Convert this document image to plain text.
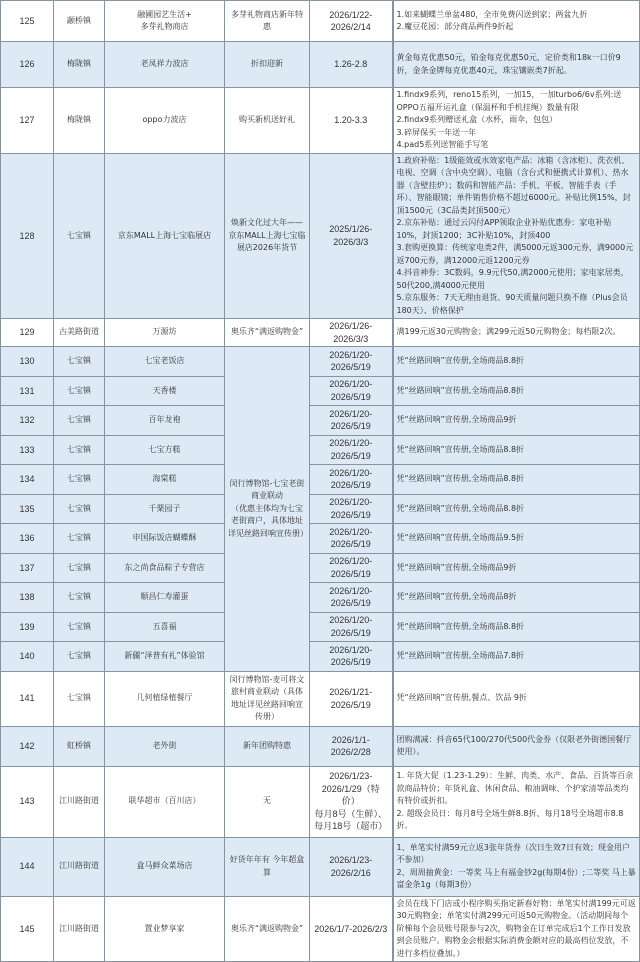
125	颛桥镇	融圃园艺生活+
多芽礼物商店	多芽礼物商店新年特惠	2026/1/22-2026/2/14	1.如来蝴蝶兰单盆480，全市免费闪送到家；两盆九折
2.魔豆花园：部分商品两件9折起
126	梅陇镇	老凤祥力波店	折扣迎新	1.26-2.8	黄金每克优惠50元，铂金每克优惠50元，定价类和18k一口价9折，金条金牌每克优惠40元，珠宝镶嵌类7折起。
127	梅陇镇	oppo力波店	购买新机送好礼	1.20-3.3	1.findx9系列，reno15系列，一加15，一加turbo6/6v系列:送OPPO五福开运礼盒（保温杯和手机挂绳）数量有限
2.findx9系列赠送礼盒（水杯，雨伞，包包）
3.碎屏保买一年送一年
4.pad5系列送智能手写笔
128	七宝镇	京东MALL上海七宝临展店	焕新文化过大年——京东MALL上海七宝临展店2026年货节	2025/1/26-2026/3/3	1.政府补贴：1级能效或水效家电产品：冰箱（含冰柜）、洗衣机、电视、空调（含中央空调）、电脑（含台式和便携式计算机）、热水器（含壁挂炉）；数码和智能产品：手机、平板、智能手表（手环）、智能眼镜；单件销售价格不超过6000元。补贴比例15%，封顶1500元（3C品类封顶500元）
2.京东补贴：通过云闪付APP领取企业补贴优惠券：家电补贴10%，封顶1200；3C补贴10%，封顶400
3.套购更换算：传统家电类2件，满5000元返300元券，满9000元返700元券，满12000元返1200元券
4.抖音神券：3C数码，9.9元代50,满2000元使用；家电家居类，50代200,满4000元使用
5.京东服务：7天无理由退货、90天质量问题只换不修（Plus会员180天）、价格保护
129	古美路街道	万源坊	奥乐齐“满返购物金”	2026/1/26-2026/3/3	满199元返30元购物金；满299元返50元购物金；每档限2次。
130	七宝镇	七宝老饭店	闵行博物馆-七宝老街商业联动
（优惠主体均为七宝老街商户，具体地址详见丝路回响宣传册）	2026/1/20-2026/5/19	凭“丝路回响”宣传册,全场商品8.8折
131	七宝镇	天香楼		2026/1/20-2026/5/19	凭“丝路回响”宣传册,全场商品8.8折
132	七宝镇	百年龙袍		2026/1/20-2026/5/19	凭“丝路回响”宣传册,全场商品9折
133	七宝镇	七宝方糕		2026/1/20-2026/5/19	凭“丝路回响”宣传册,全场商品8.8折
134	七宝镇	海棠糕		2026/1/20-2026/5/19	凭“丝路回响”宣传册,全场商品8.8折
135	七宝镇	千栗园子		2026/1/20-2026/5/19	凭“丝路回响”宣传册,全场商品8.8折
136	七宝镇	申国际饭店蝴蝶酥		2026/1/20-2026/5/19	凭“丝路回响”宣传册,全场商品9.5折
137	七宝镇	东之尚食品粽子专营店		2026/1/20-2026/5/19	凭“丝路回响”宣传册,全场商品9折
138	七宝镇	顺昌仁寿灌蛋		2026/1/20-2026/5/19	凭“丝路回响”宣传册,全场商品8折
139	七宝镇	五喜福		2026/1/20-2026/5/19	凭“丝路回响”宣传册,全场商品8.8折
140	七宝镇	新疆“泽普有礼”体验馆		2026/1/20-2026/5/19	凭“丝路回响”宣传册,全场商品7.8折
141	七宝镇	几何植绿植餐厅	闵行博物馆-麦可将文旅村商业联动（具体地址详见丝路回响宣传册）	2026/1/21-2026/5/19	凭“丝路回响”宣传册,餐点、饮品 9折
142	虹桥镇	老外街	新年团购特惠	2026/1/1-2026/2/28	团购满减：抖音65代100/270代500代金券（仅限老外街德国餐厅使用）。
143	江川路街道	联华超市（百川店）	无	2026/1/23-2026/1/29（特价）
每月8号（生鲜）、每月18号（超市）	1. 年货大促（1.23-1.29）：生鲜、肉类、水产、食品、百货等百余款商品特价；年货礼盒、休闲食品、粮油调味、个护家清等品类均有特价或折扣。
2. 超级会员日：每月8号全场生鲜8.8折、每月18号全场超市8.8折。
144	江川路街道	盒马鲜众菜场店	好货年年有 今年超盒算	2026/1/23-2026/2/16	1、单笔实付满59元立返3张年货券（次日生效7日有效；现金用户不参加）
2、周周抽黄金：一等奖 马上有福金钞2g(每期4份）;二等奖 马上暴富金条1g（每期3份）
145	江川路街道	置业梦享家	奥乐齐“满返购物金”	2026/1/7-2026/2/3	会员在线下门店或小程序购买指定新春好物：单笔实付满199元可返30元购物金；单笔实付满299元可返50元购物金。（活动期间每个阶梯每个会员账号限参与2次，购物金在订单完成后1个工作日发放到会员账户。购物金会根据实际消费金额对应的最高档位发放，不进行多档位叠加。）
